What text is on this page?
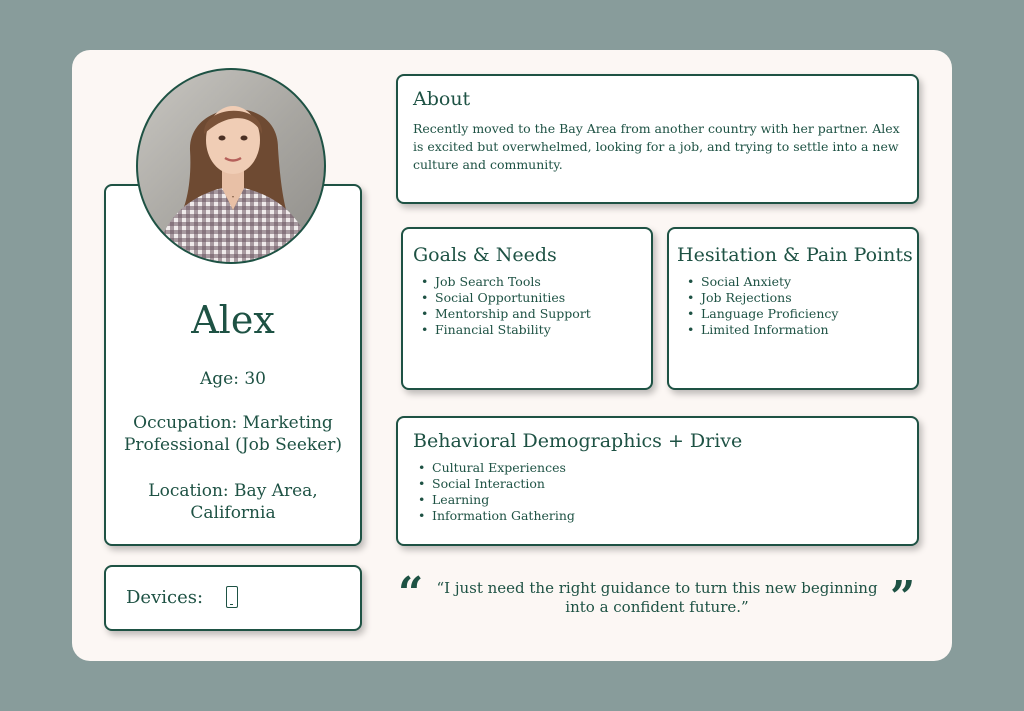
Alex
Age: 30
Occupation: Marketing Professional (Job Seeker)
Location: Bay Area, California
Devices:
About
Recently moved to the Bay Area from another country with her partner. Alex is excited but overwhelmed, looking for a job, and trying to settle into a new culture and community.
Goals & Needs
• Job Search Tools
• Social Opportunities
• Mentorship and Support
• Financial Stability
Hesitation & Pain Points
• Social Anxiety
• Job Rejections
• Language Proficiency
• Limited Information
Behavioral Demographics + Drive
• Cultural Experiences
• Social Interaction
• Learning
• Information Gathering
“ “I just need the right guidance to turn this new beginning into a confident future.”	”
